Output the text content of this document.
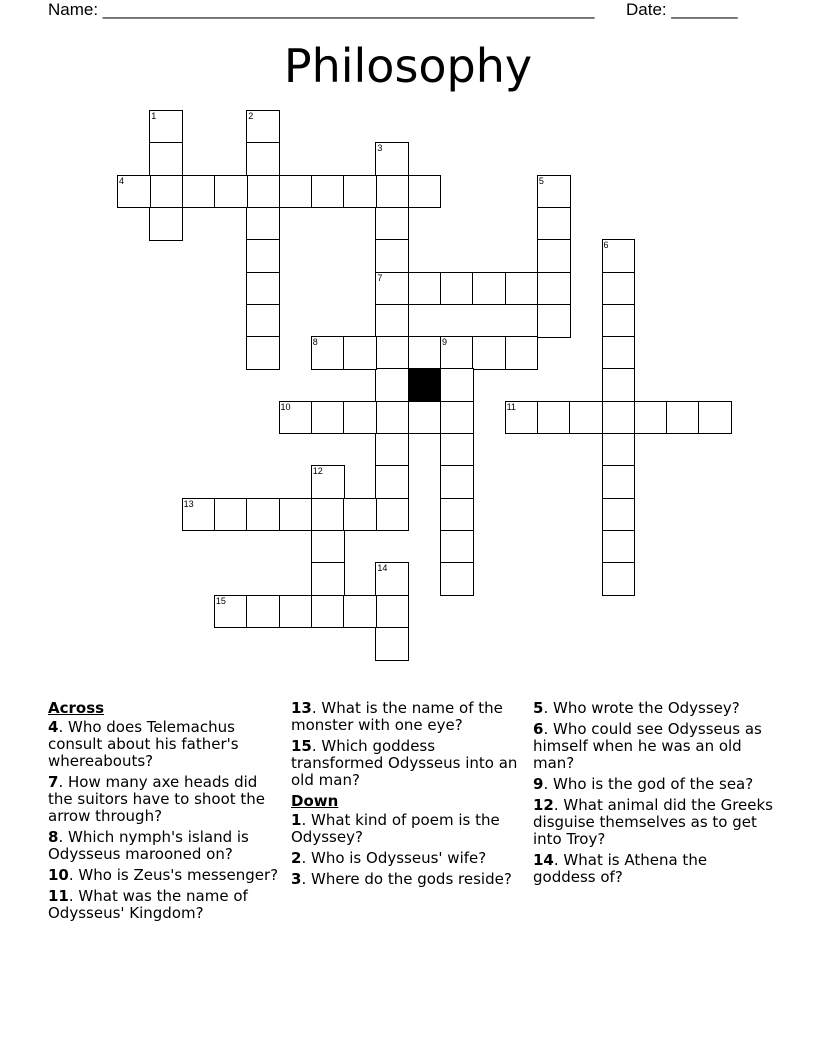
Name: ____________________________________________________ Date: _______
Philosophy
1	2
3
7
4	5
6
8	9
10	11
12
13
14
15
Across
4. Who does Telemachus consult about his father's whereabouts?
7. How many axe heads did the suitors have to shoot the arrow through?
8. Which nymph's island is Odysseus marooned on?
10. Who is Zeus's messenger?
11. What was the name of Odysseus' Kingdom?
13. What is the name of the monster with one eye?
15. Which goddess transformed Odysseus into an old man?
Down
1. What kind of poem is the Odyssey?
2. Who is Odysseus' wife?
3. Where do the gods reside?
5. Who wrote the Odyssey?
6. Who could see Odysseus as himself when he was an old man?
9. Who is the god of the sea?
12. What animal did the Greeks disguise themselves as to get into Troy?
14. What is Athena the goddess of?
